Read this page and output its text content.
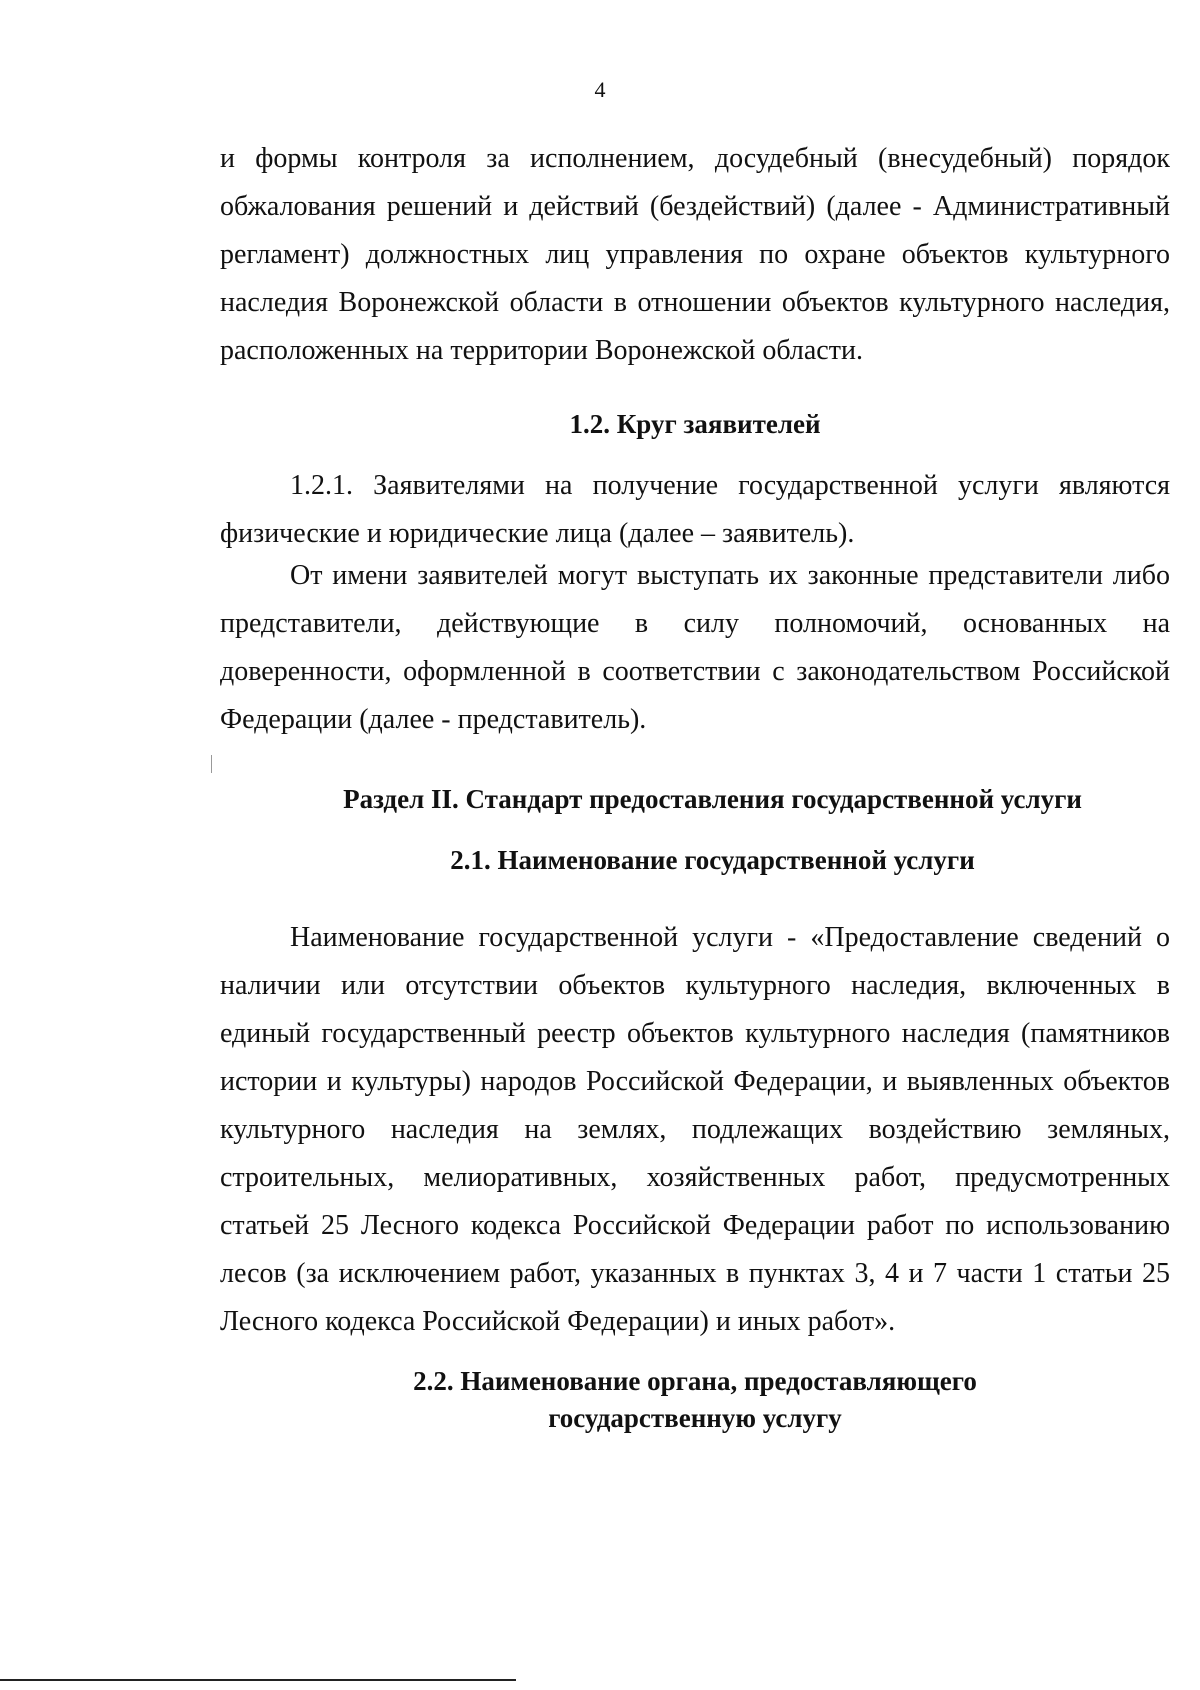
4

и формы контроля за исполнением, досудебный (внесудебный) порядок обжалования решений и действий (бездействий) (далее - Административный регламент) должностных лиц управления по охране объектов культурного наследия Воронежской области в отношении объектов культурного наследия, расположенных на территории Воронежской области.

1.2. Круг заявителей

1.2.1. Заявителями на получение государственной услуги являются физические и юридические лица (далее – заявитель).

От имени заявителей могут выступать их законные представители либо представители, действующие в силу полномочий, основанных на доверенности, оформленной в соответствии с законодательством Российской Федерации (далее - представитель).

Раздел II. Стандарт предоставления государственной услуги
2.1. Наименование государственной услуги

Наименование государственной услуги - «Предоставление сведений о наличии или отсутствии объектов культурного наследия, включенных в единый государственный реестр объектов культурного наследия (памятников истории и культуры) народов Российской Федерации, и выявленных объектов культурного наследия на землях, подлежащих воздействию земляных, строительных, мелиоративных, хозяйственных работ, предусмотренных статьей 25 Лесного кодекса Российской Федерации работ по использованию лесов (за исключением работ, указанных в пунктах 3, 4 и 7 части 1 статьи 25 Лесного кодекса Российской Федерации) и иных работ».

2.2. Наименование органа, предоставляющего
государственную услугу
